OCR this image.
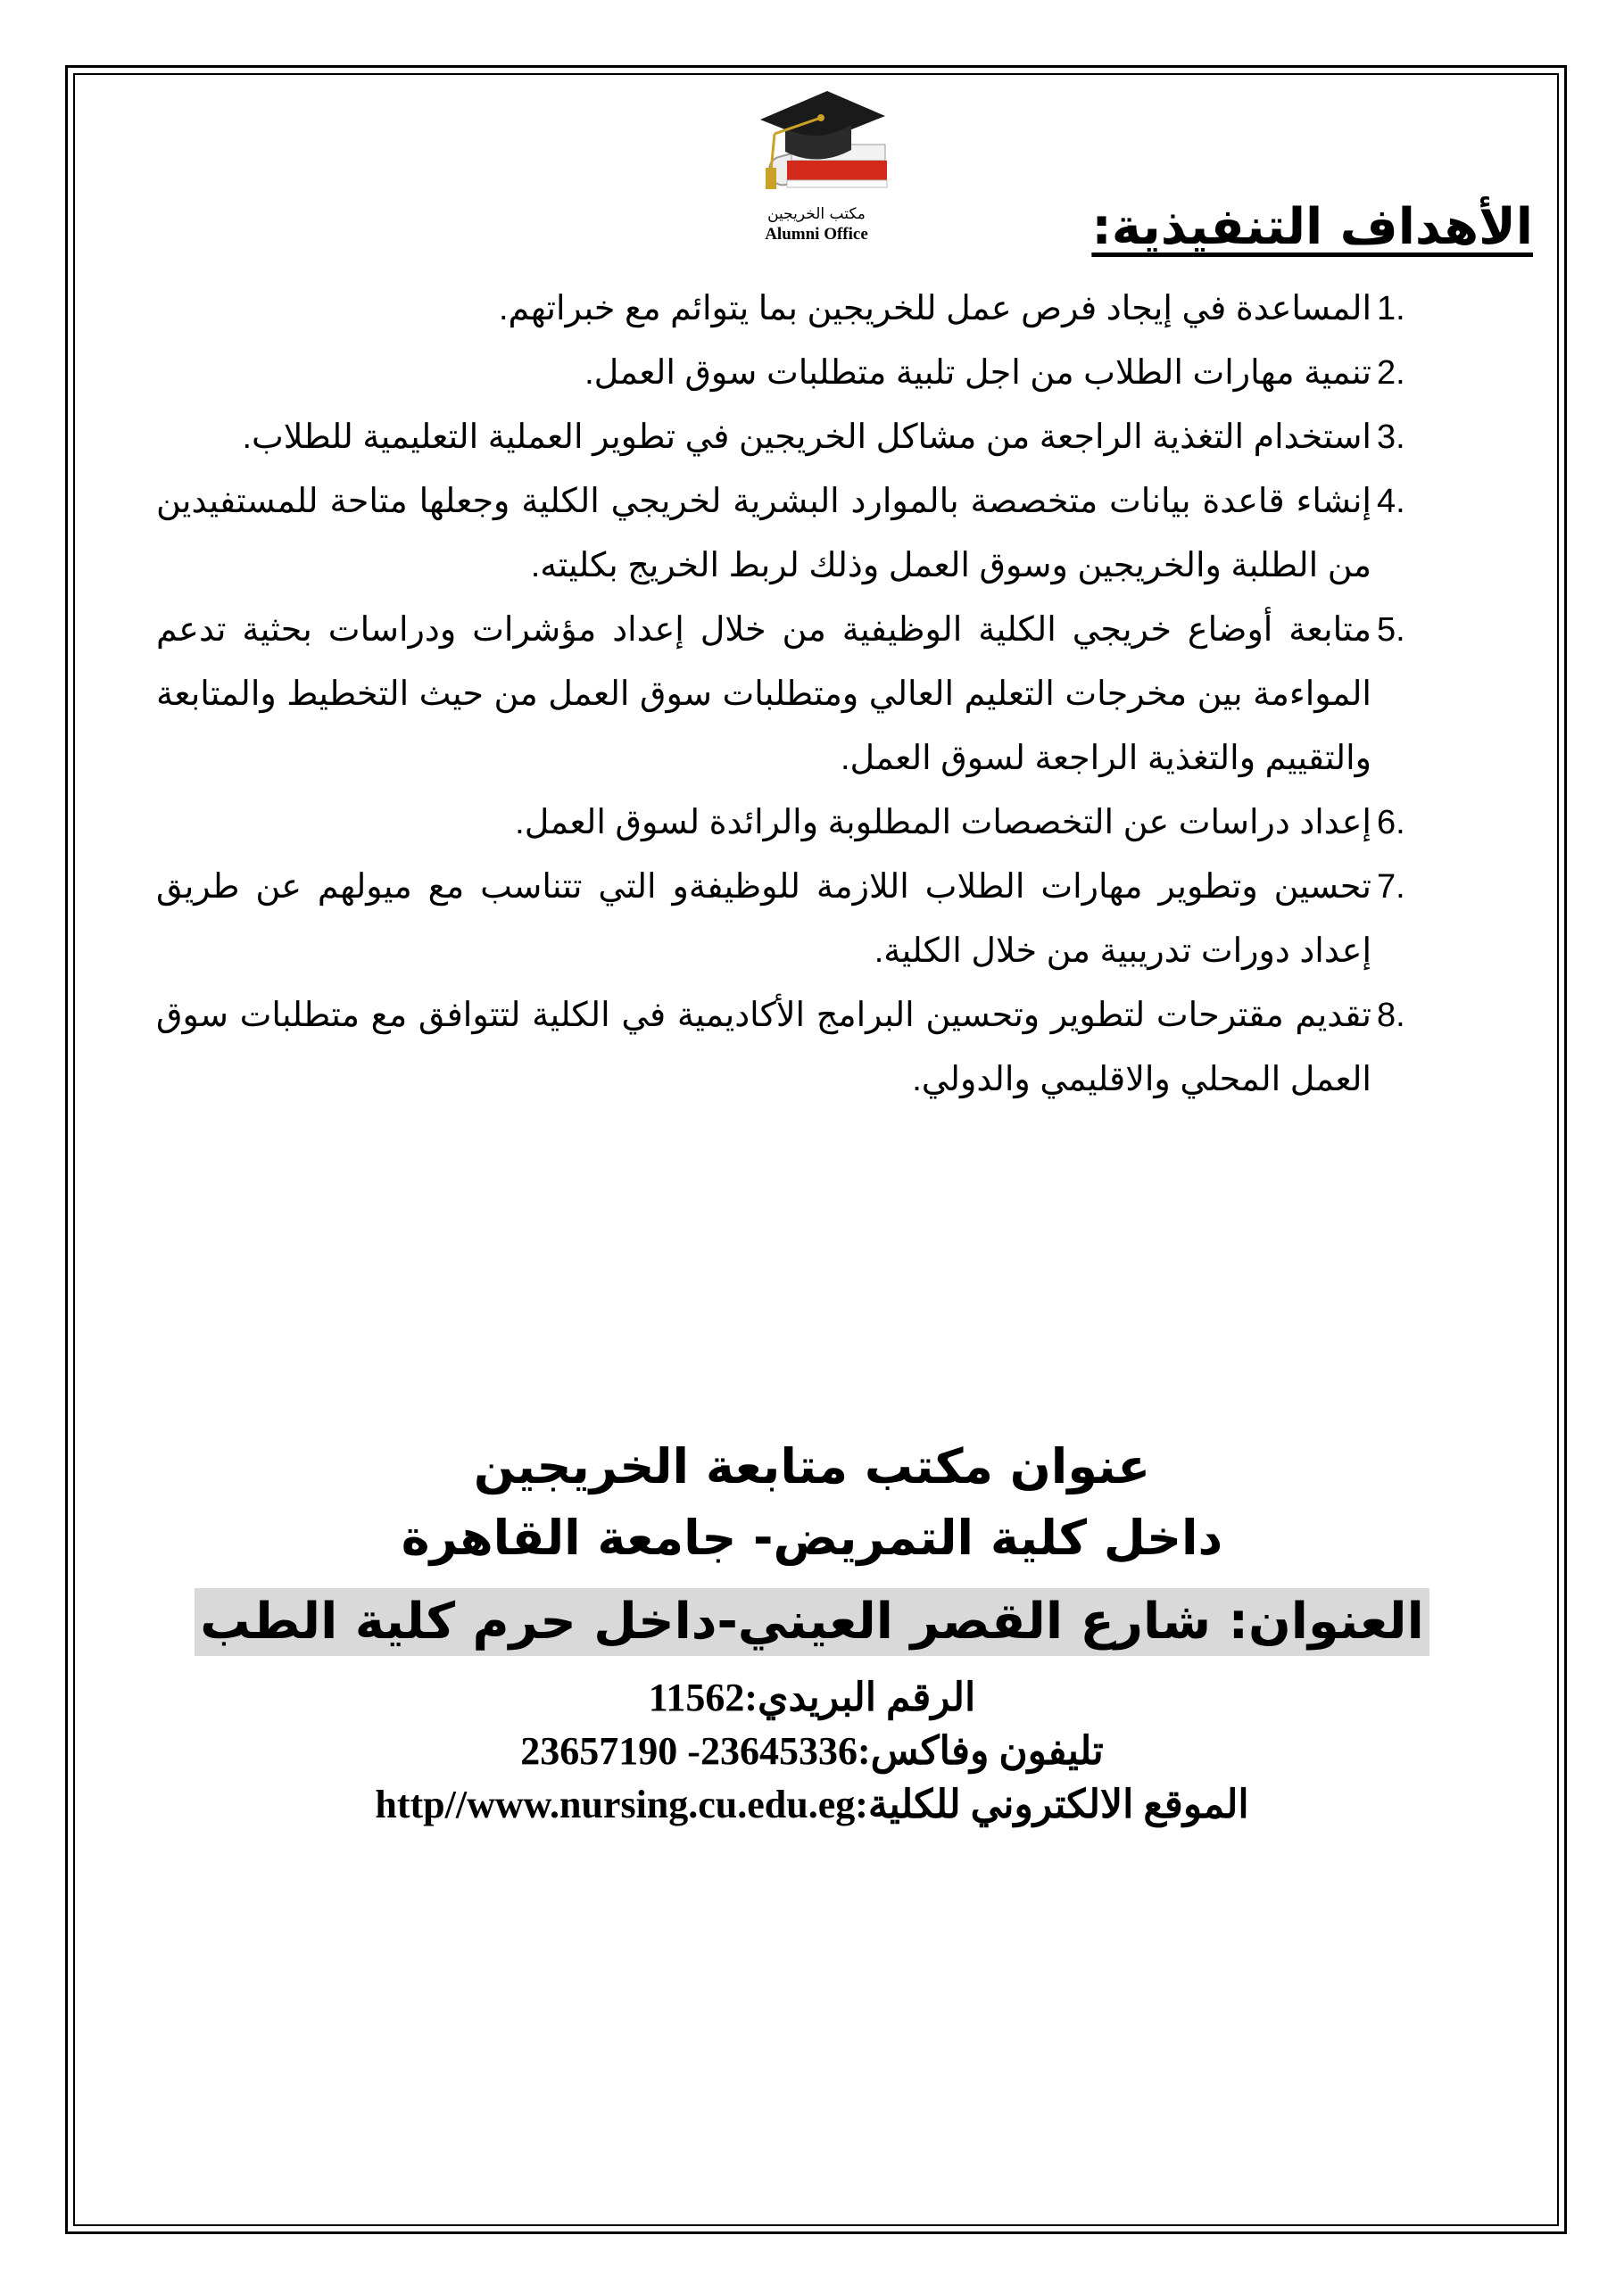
مكتب الخريجين
Alumni Office	الأهداف التنفيذية:
1.
المساعدة في إيجاد فرص عمل للخريجين بما يتوائم مع خبراتهم.
2.
تنمية مهارات الطلاب من اجل تلبية متطلبات سوق العمل.
3.
استخدام التغذية الراجعة من مشاكل الخريجين في تطوير العملية التعليمية للطلاب.
4.
إنشاء قاعدة بيانات متخصصة بالموارد البشرية لخريجي الكلية وجعلها متاحة للمستفيدين من الطلبة والخريجين وسوق العمل وذلك لربط الخريج بكليته.
5.
متابعة أوضاع خريجي الكلية الوظيفية من خلال إعداد مؤشرات ودراسات بحثية تدعم المواءمة بين مخرجات التعليم العالي ومتطلبات سوق العمل من حيث التخطيط والمتابعة والتقييم والتغذية الراجعة لسوق العمل.
6.
إعداد دراسات عن التخصصات المطلوبة والرائدة لسوق العمل.
7.
تحسين وتطوير مهارات الطلاب اللازمة للوظيفةو التي تتناسب مع ميولهم عن طريق إعداد دورات تدريبية من خلال الكلية.
8.
تقديم مقترحات لتطوير وتحسين البرامج الأكاديمية في الكلية لتتوافق مع متطلبات سوق العمل المحلي والاقليمي والدولي.
عنوان مكتب متابعة الخريجين
داخل كلية التمريض- جامعة القاهرة
العنوان: شارع القصر العيني-داخل حرم كلية الطب
الرقم البريدي:11562
تليفون وفاكس:23645336- 23657190
الموقع الالكتروني للكلية:http//www.nursing.cu.edu.eg
